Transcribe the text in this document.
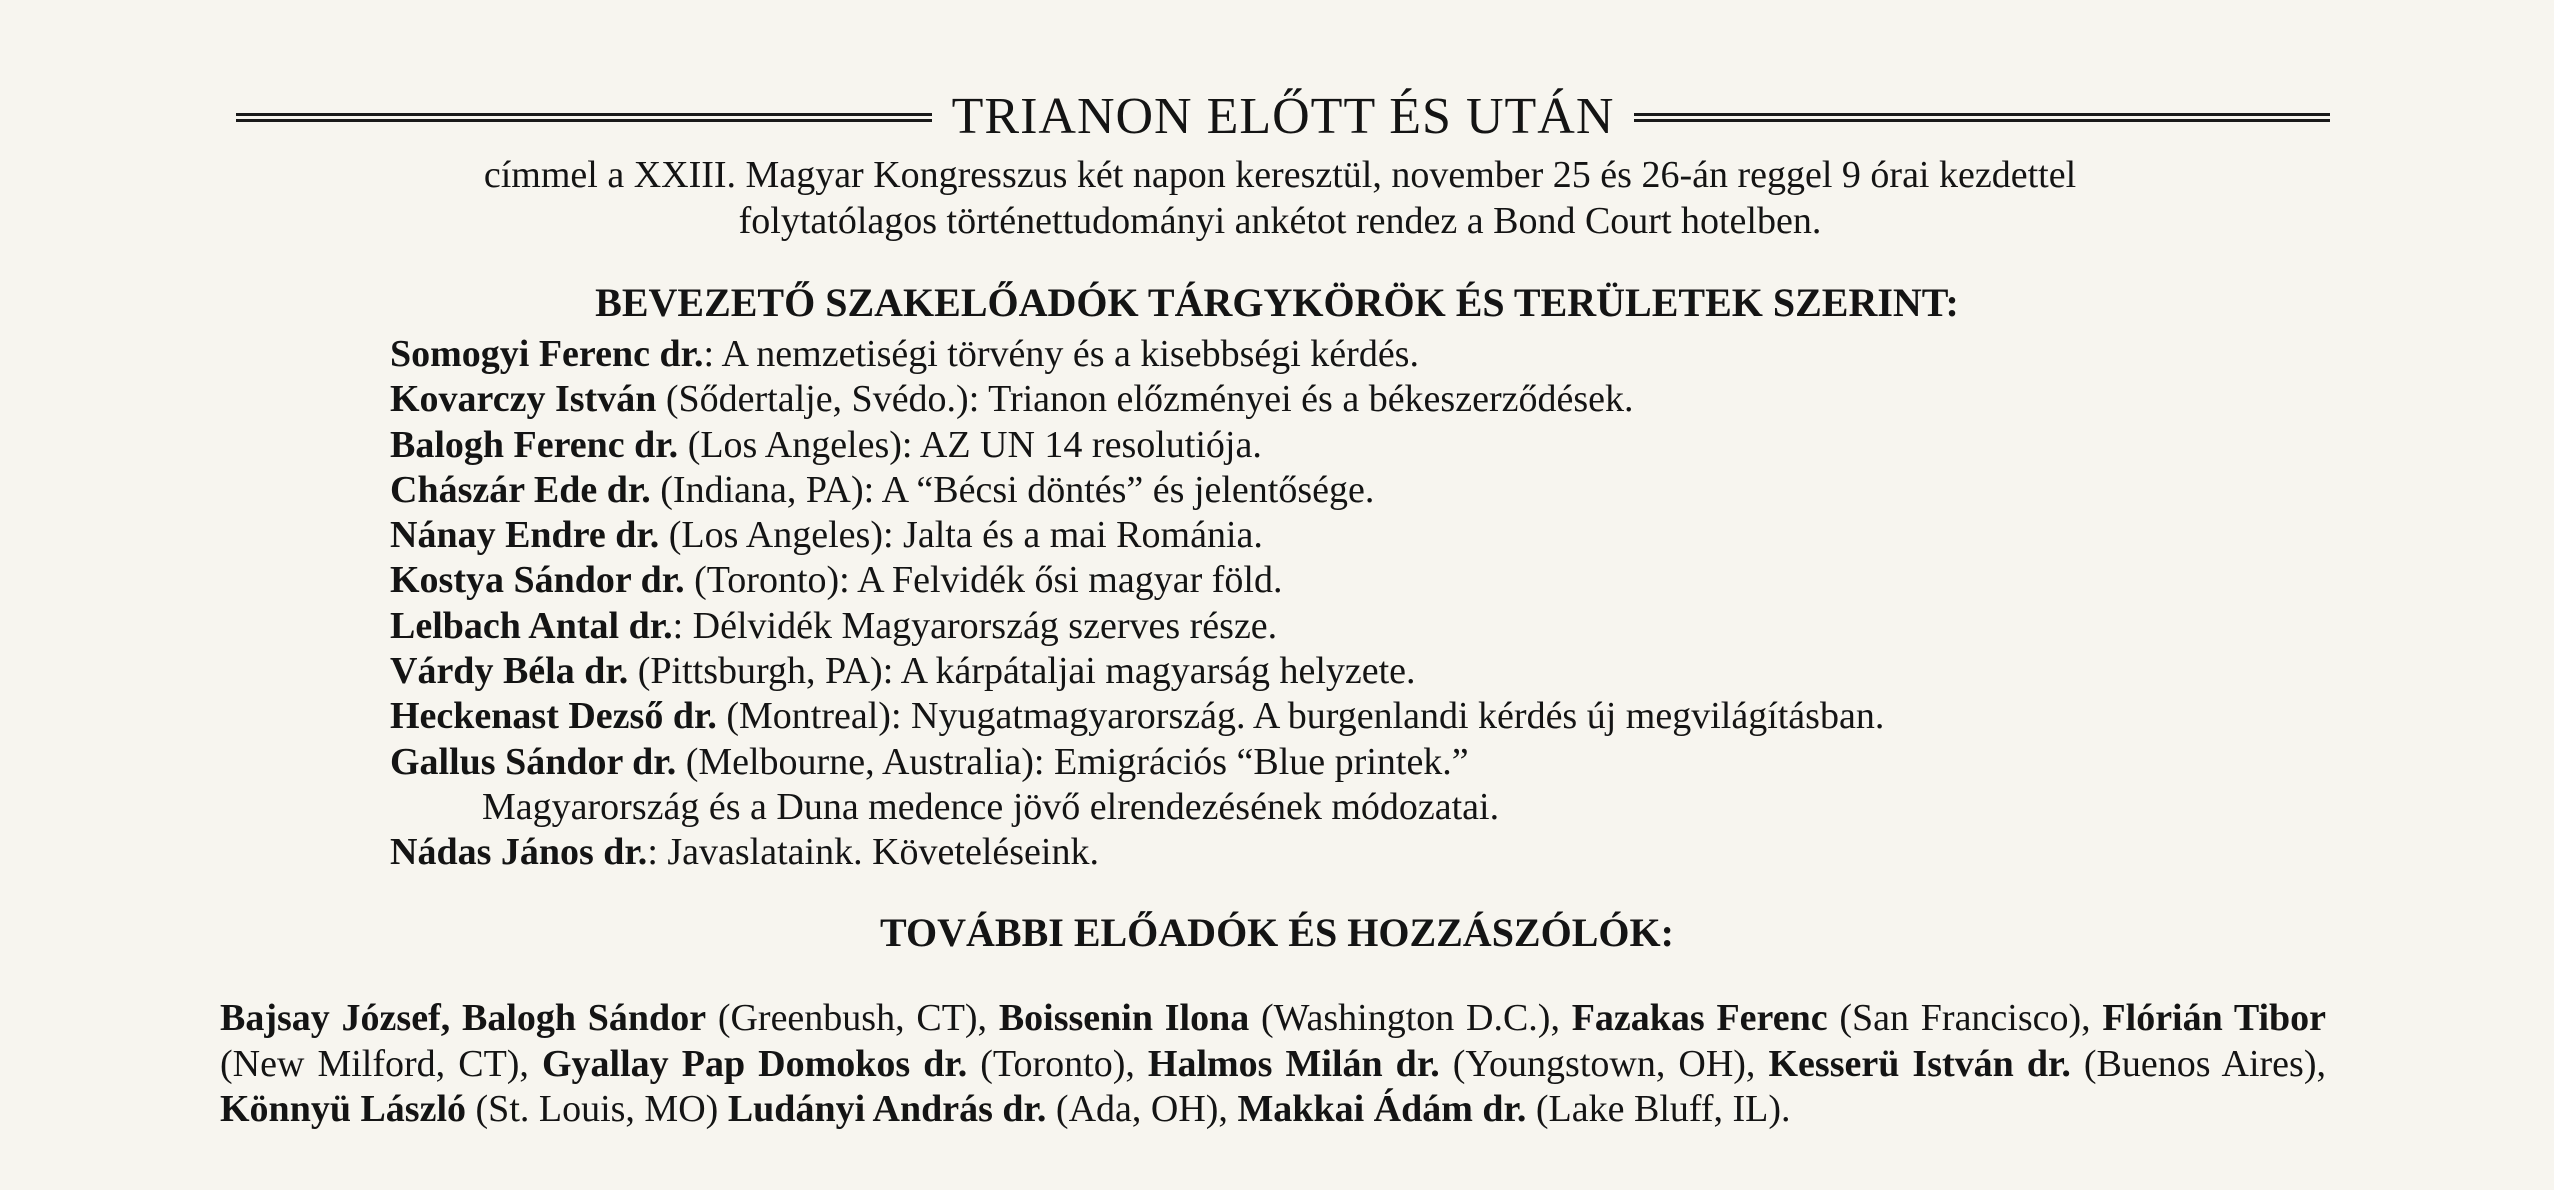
TRIANON ELŐTT ÉS UTÁN
címmel a XXIII. Magyar Kongresszus két napon keresztül, november 25 és 26-án reggel 9 órai kezdettel
folytatólagos történettudományi ankétot rendez a Bond Court hotelben.
BEVEZETŐ SZAKELŐADÓK TÁRGYKÖRÖK ÉS TERÜLETEK SZERINT:
Somogyi Ferenc dr.: A nemzetiségi törvény és a kisebbségi kérdés.
Kovarczy István (Sődertalje, Svédo.): Trianon előzményei és a békeszerződések.
Balogh Ferenc dr. (Los Angeles): AZ UN 14 resolutiója.
Chászár Ede dr. (Indiana, PA): A “Bécsi döntés” és jelentősége.
Nánay Endre dr. (Los Angeles): Jalta és a mai Románia.
Kostya Sándor dr. (Toronto): A Felvidék ősi magyar föld.
Lelbach Antal dr.: Délvidék Magyarország szerves része.
Várdy Béla dr. (Pittsburgh, PA): A kárpátaljai magyarság helyzete.
Heckenast Dezső dr. (Montreal): Nyugatmagyarország. A burgenlandi kérdés új megvilágításban.
Gallus Sándor dr. (Melbourne, Australia): Emigrációs “Blue printek.”
Magyarország és a Duna medence jövő elrendezésének módozatai.
Nádas János dr.: Javaslataink. Követeléseink.
TOVÁBBI ELŐADÓK ÉS HOZZÁSZÓLÓK:

Bajsay József, Balogh Sándor (Greenbush, CT), Boissenin Ilona (Washington D.C.), Fazakas Ferenc (San Francisco), Flórián Tibor (New Milford, CT), Gyallay Pap Domokos dr. (Toronto), Halmos Milán dr. (Youngstown, OH), Kesserü István dr. (Buenos Aires), Könnyü László (St. Louis, MO) Ludányi András dr. (Ada, OH), Makkai Ádám dr. (Lake Bluff, IL).
